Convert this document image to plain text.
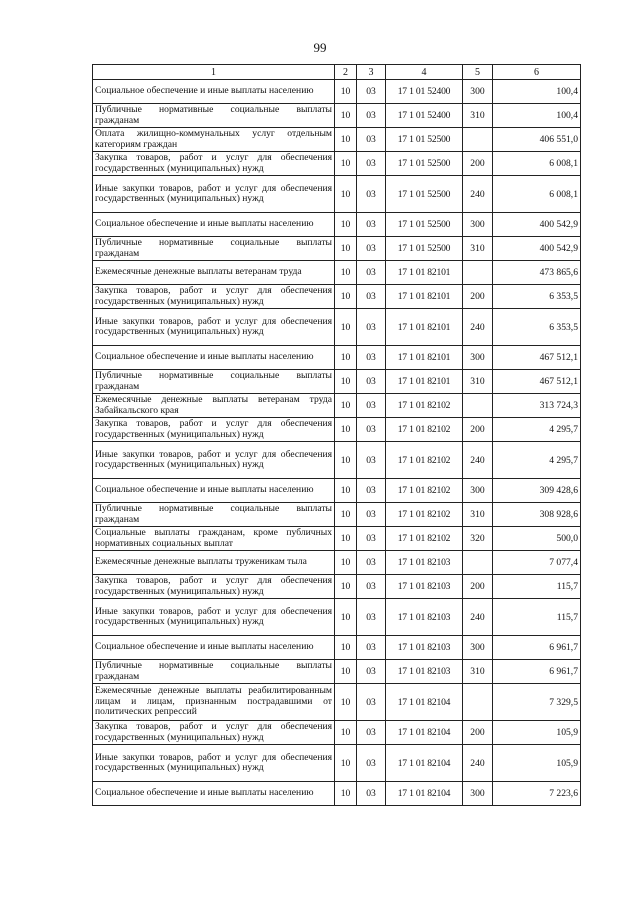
99
1	2	3	4	5	6
Социальное обеспечение и иные выплаты населению	10	03	17 1 01 52400	300	100,4
Публичные нормативные социальные выплаты гражданам	10	03	17 1 01 52400	310	100,4
Оплата жилищно-коммунальных услуг отдельным категориям граждан	10	03	17 1 01 52500		406 551,0
Закупка товаров, работ и услуг для обеспечения государственных (муниципальных) нужд	10	03	17 1 01 52500	200	6 008,1
Иные закупки товаров, работ и услуг для обеспечения государственных (муниципальных) нужд	10	03	17 1 01 52500	240	6 008,1
Социальное обеспечение и иные выплаты населению	10	03	17 1 01 52500	300	400 542,9
Публичные нормативные социальные выплаты гражданам	10	03	17 1 01 52500	310	400 542,9
Ежемесячные денежные выплаты ветеранам труда	10	03	17 1 01 82101		473 865,6
Закупка товаров, работ и услуг для обеспечения государственных (муниципальных) нужд	10	03	17 1 01 82101	200	6 353,5
Иные закупки товаров, работ и услуг для обеспечения государственных (муниципальных) нужд	10	03	17 1 01 82101	240	6 353,5
Социальное обеспечение и иные выплаты населению	10	03	17 1 01 82101	300	467 512,1
Публичные нормативные социальные выплаты гражданам	10	03	17 1 01 82101	310	467 512,1
Ежемесячные денежные выплаты ветеранам труда Забайкальского края	10	03	17 1 01 82102		313 724,3
Закупка товаров, работ и услуг для обеспечения государственных (муниципальных) нужд	10	03	17 1 01 82102	200	4 295,7
Иные закупки товаров, работ и услуг для обеспечения государственных (муниципальных) нужд	10	03	17 1 01 82102	240	4 295,7
Социальное обеспечение и иные выплаты населению	10	03	17 1 01 82102	300	309 428,6
Публичные нормативные социальные выплаты гражданам	10	03	17 1 01 82102	310	308 928,6
Социальные выплаты гражданам, кроме публичных нормативных социальных выплат	10	03	17 1 01 82102	320	500,0
Ежемесячные денежные выплаты труженикам тыла	10	03	17 1 01 82103		7 077,4
Закупка товаров, работ и услуг для обеспечения государственных (муниципальных) нужд	10	03	17 1 01 82103	200	115,7
Иные закупки товаров, работ и услуг для обеспечения государственных (муниципальных) нужд	10	03	17 1 01 82103	240	115,7
Социальное обеспечение и иные выплаты населению	10	03	17 1 01 82103	300	6 961,7
Публичные нормативные социальные выплаты гражданам	10	03	17 1 01 82103	310	6 961,7
Ежемесячные денежные выплаты реабилитированным лицам и лицам, признанным пострадавшими от политических репрессий	10	03	17 1 01 82104		7 329,5
Закупка товаров, работ и услуг для обеспечения государственных (муниципальных) нужд	10	03	17 1 01 82104	200	105,9
Иные закупки товаров, работ и услуг для обеспечения государственных (муниципальных) нужд	10	03	17 1 01 82104	240	105,9
Социальное обеспечение и иные выплаты населению	10	03	17 1 01 82104	300	7 223,6
